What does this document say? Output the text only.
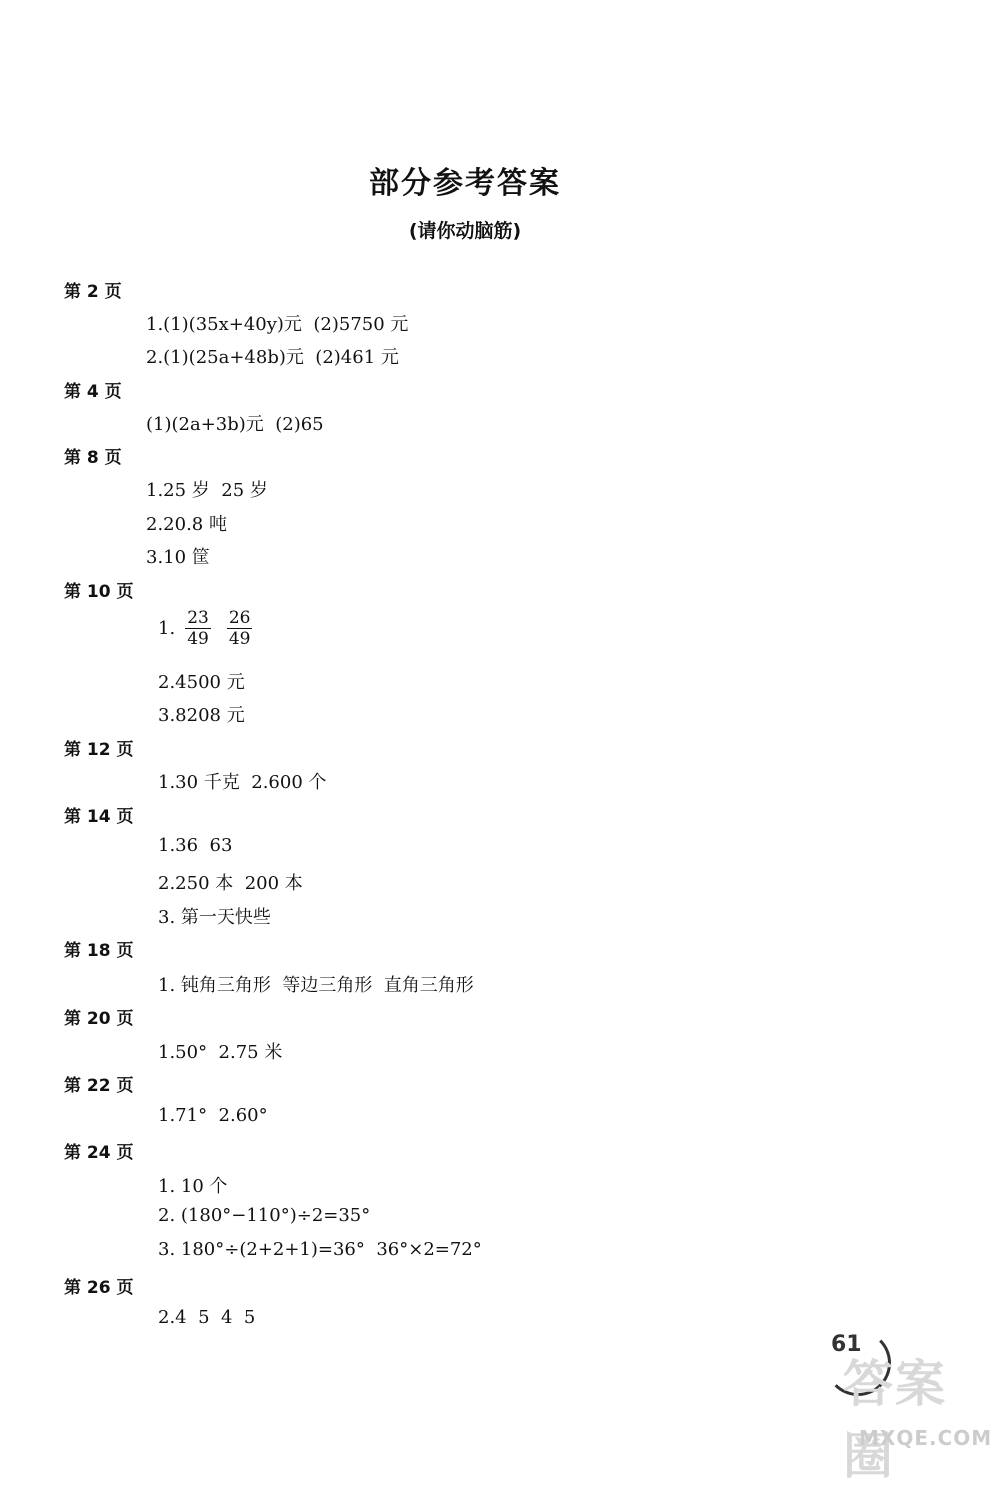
部分参考答案
(请你动脑筋)
第 2 页
1.(1)(35x+40y)元  (2)5750 元
2.(1)(25a+48b)元  (2)461 元
第 4 页
(1)(2a+3b)元  (2)65
第 8 页
1.25 岁  25 岁
2.20.8 吨
3.10 筐
第 10 页
1. $\frac{23}{49} \frac{26}{49}$
2.4500 元
3.8208 元
第 12 页
1.30 千克  2.600 个
第 14 页
1.36  63
2.250 本  200 本
3. 第一天快些
第 18 页
1. 钝角三角形  等边三角形  直角三角形
第 20 页
1.50°  2.75 米
第 22 页
1.71°  2.60°
第 24 页
1. 10 个
2. (180°−110°)÷2=35°
3. 180°÷(2+2+1)=36°  36°×2=72°
第 26 页
2.4  5  4  5
61
答案圈
MXQE.COM
